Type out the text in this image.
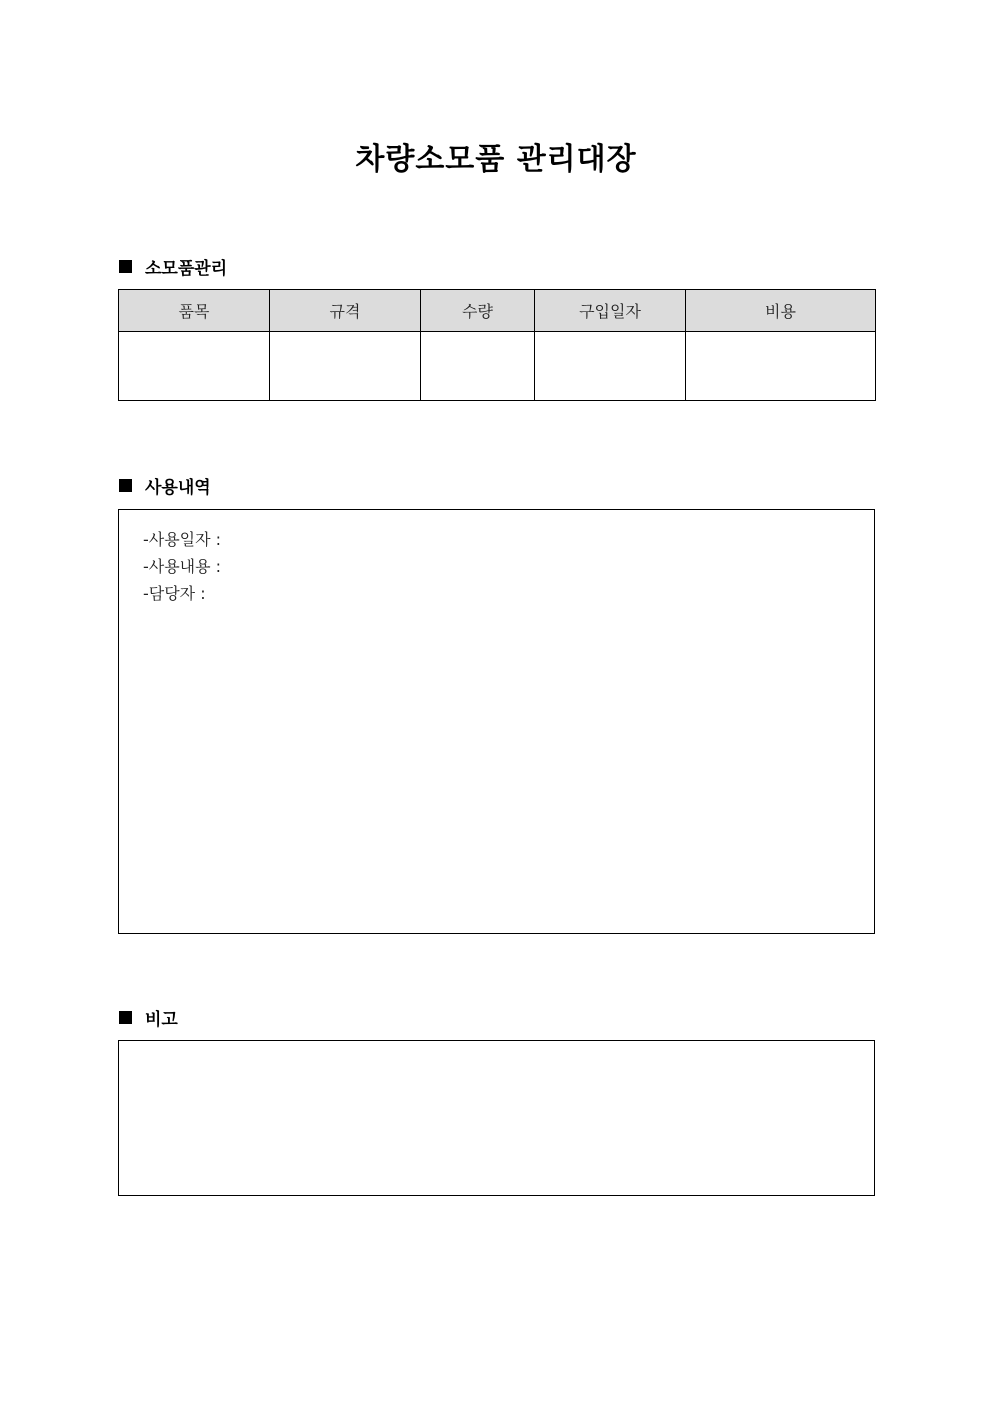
차량소모품 관리대장
소모품관리
품목	규격	수량	구입일자	비용

사용내역
-사용일자 :
-사용내용 :
-담당자 :
비고
